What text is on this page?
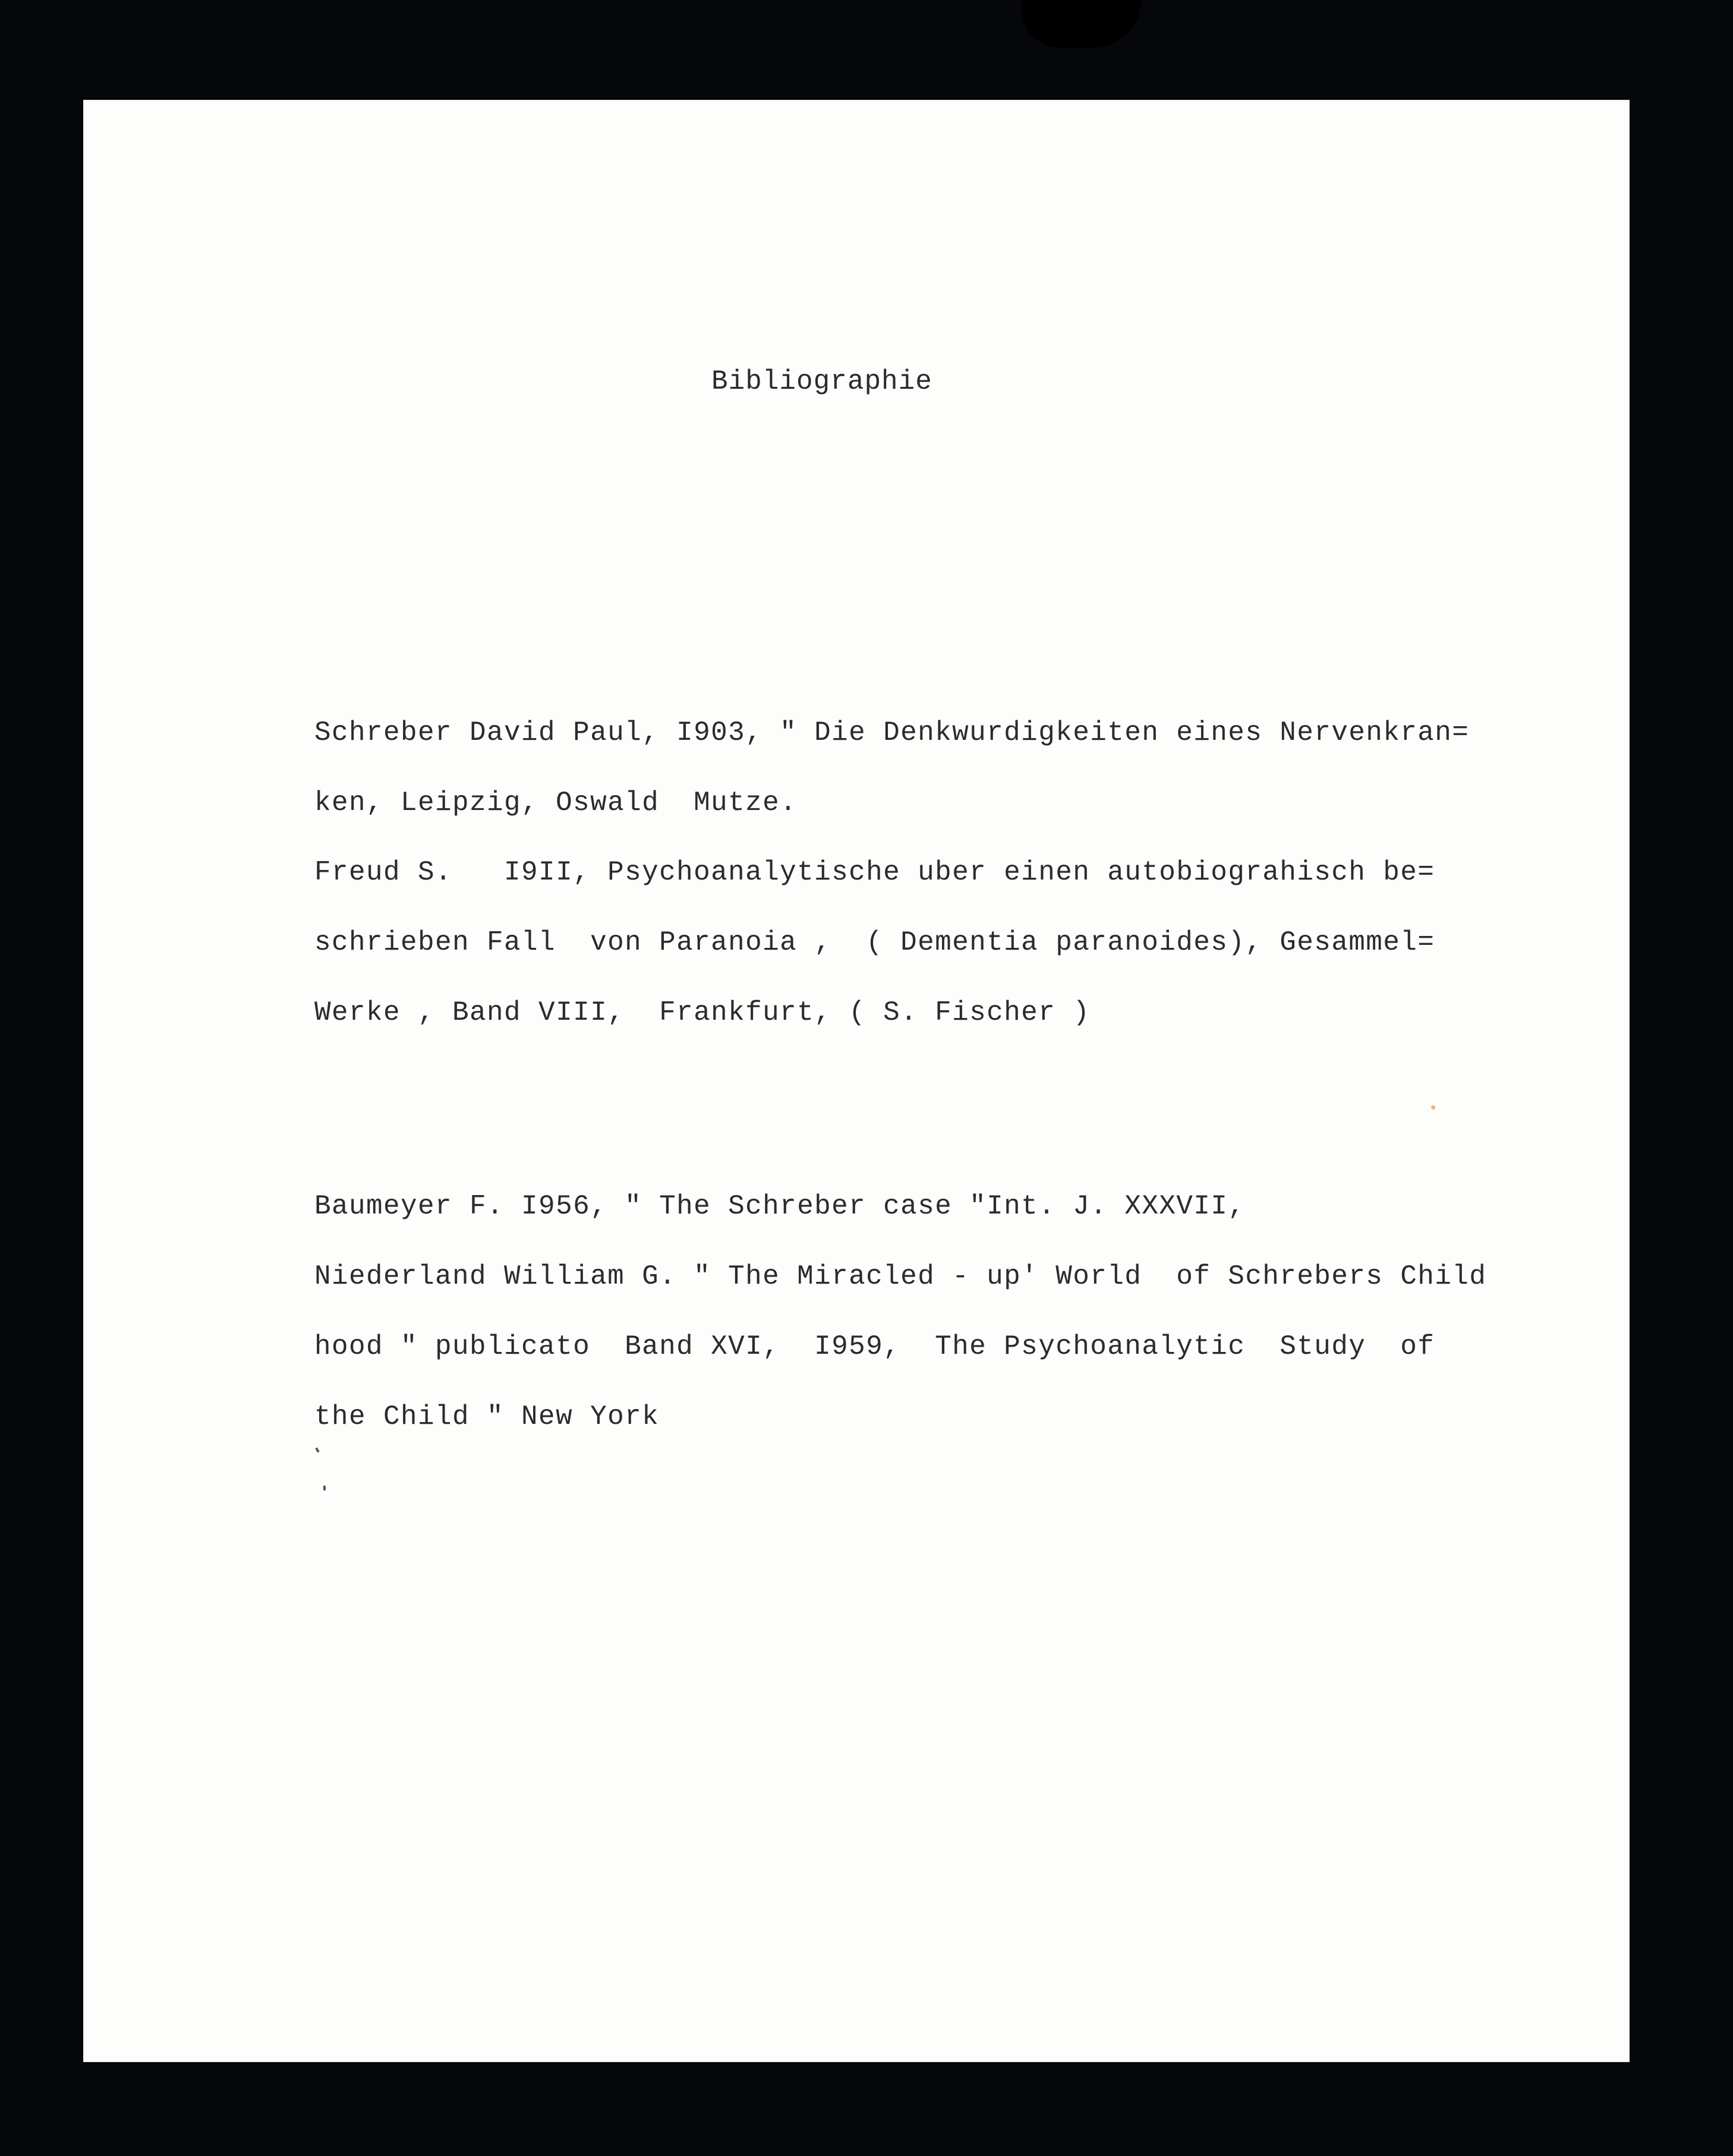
Bibliographie
Schreber David Paul, I903, " Die Denkwurdigkeiten eines Nervenkran=
ken, Leipzig, Oswald  Mutze.
Freud S.   I9II, Psychoanalytische uber einen autobiograhisch be=
schrieben Fall  von Paranoia ,  ( Dementia paranoides), Gesammel=
Werke , Band VIII,  Frankfurt, ( S. Fischer )
Baumeyer F. I956, " The Schreber case "Int. J. XXXVII,
Niederland William G. " The Miracled - up' World  of Schrebers Child
hood " publicato  Band XVI,  I959,  The Psychoanalytic  Study  of
the Child " New York
